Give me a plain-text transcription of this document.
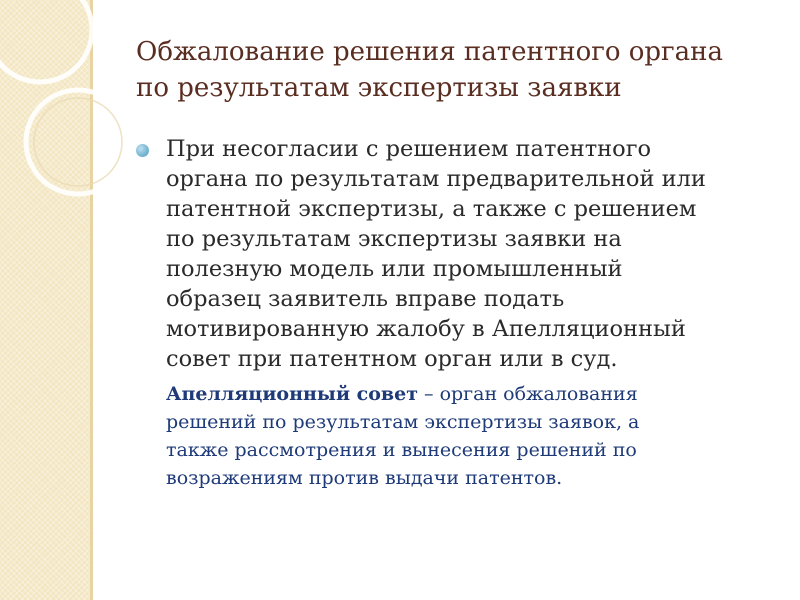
Обжалование решения патентного органа
по результатам экспертизы заявки

При несогласии с решением патентного
органа по результатам предварительной или
патентной экспертизы, а также с решением
по результатам экспертизы заявки на
полезную модель или промышленный
образец заявитель вправе подать
мотивированную жалобу в Апелляционный
совет при патентном орган или в суд.

Апелляционный совет – орган обжалования
решений по результатам экспертизы заявок, а
также рассмотрения и вынесения решений по
возражениям против выдачи патентов.
